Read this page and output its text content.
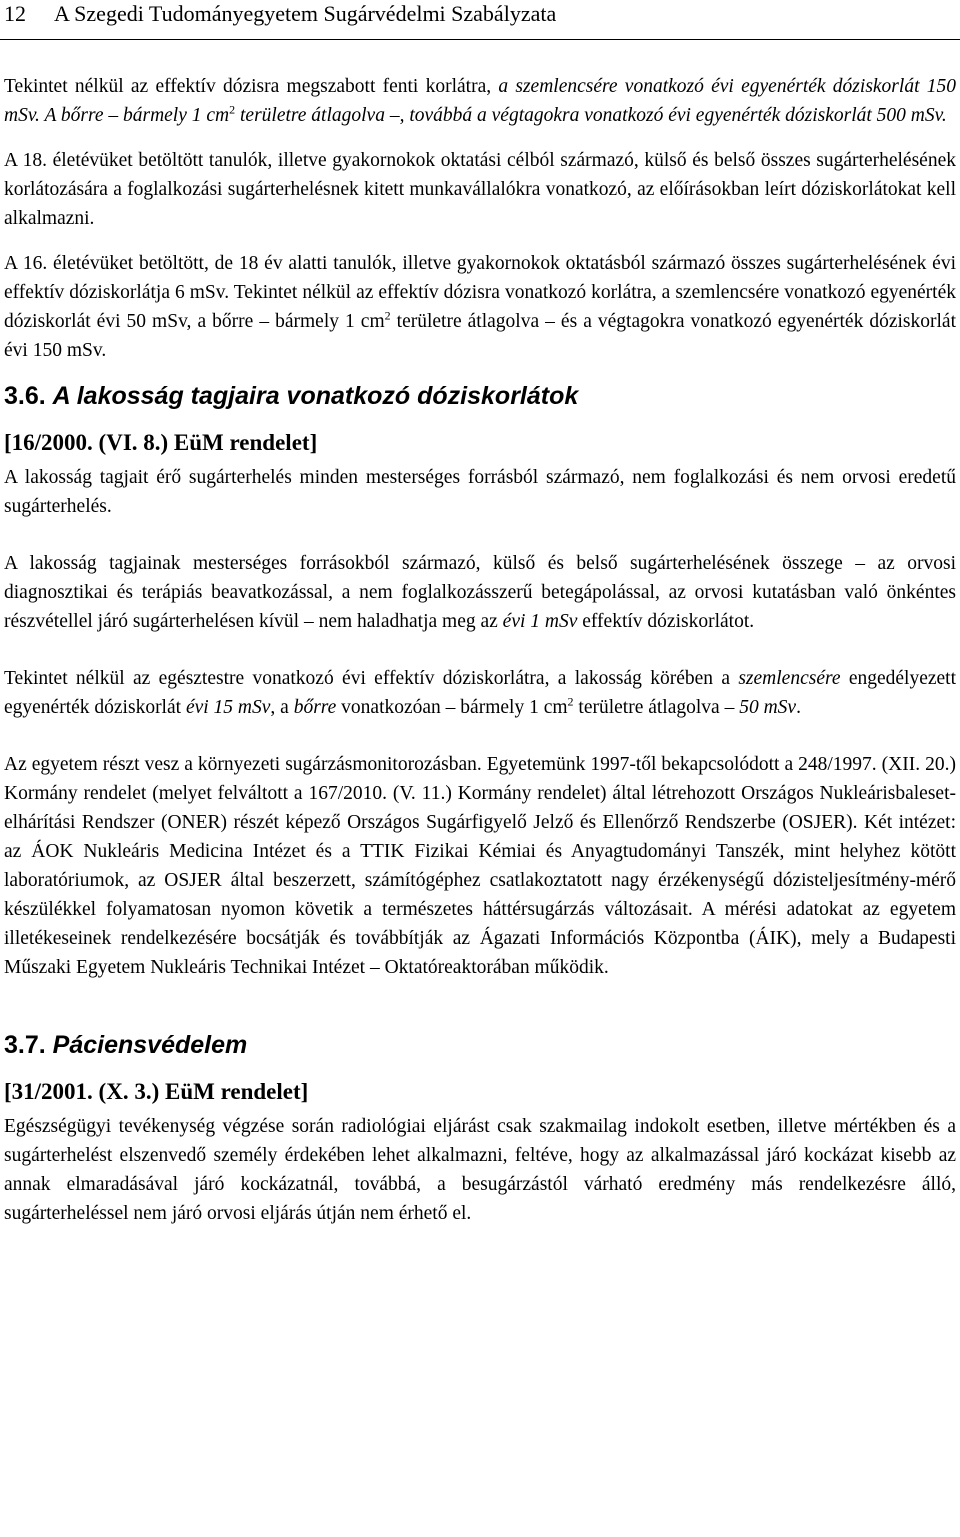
12 A Szegedi Tudományegyetem Sugárvédelmi Szabályzata

Tekintet nélkül az effektív dózisra megszabott fenti korlátra, a szemlencsére vonatkozó évi egyenérték dóziskorlát 150 mSv. A bőrre – bármely 1 $cm^2$ területre átlagolva –, továbbá a végtagokra vonatkozó évi egyenérték dóziskorlát 500 mSv.

A 18. életévüket betöltött tanulók, illetve gyakornokok oktatási célból származó, külső és belső összes sugárterhelésének korlátozására a foglalkozási sugárterhelésnek kitett munkavállalókra vonatkozó, az előírásokban leírt dóziskorlátokat kell alkalmazni.

A 16. életévüket betöltött, de 18 év alatti tanulók, illetve gyakornokok oktatásból származó összes sugárterhelésének évi effektív dóziskorlátja 6 mSv. Tekintet nélkül az effektív dózisra vonatkozó korlátra, a szemlencsére vonatkozó egyenérték dóziskorlát évi 50 mSv, a bőrre – bármely 1 $cm^2$ területre átlagolva – és a végtagokra vonatkozó egyenérték dóziskorlát évi 150 mSv.

3.6. A lakosság tagjaira vonatkozó dóziskorlátok
[16/2000. (VI. 8.) EüM rendelet]

A lakosság tagjait érő sugárterhelés minden mesterséges forrásból származó, nem foglalkozási és nem orvosi eredetű sugárterhelés.

A lakosság tagjainak mesterséges forrásokból származó, külső és belső sugárterhelésének összege – az orvosi diagnosztikai és terápiás beavatkozással, a nem foglalkozásszerű betegápolással, az orvosi kutatásban való önkéntes részvétellel járó sugárterhelésen kívül – nem haladhatja meg az évi 1 mSv effektív dóziskorlátot.

Tekintet nélkül az egésztestre vonatkozó évi effektív dóziskorlátra, a lakosság körében a szemlencsére engedélyezett egyenérték dóziskorlát évi 15 mSv, a bőrre vonatkozóan – bármely 1 $cm^2$ területre átlagolva – 50 mSv.

Az egyetem részt vesz a környezeti sugárzásmonitorozásban. Egyetemünk 1997-től bekapcsolódott a 248/1997. (XII. 20.) Kormány rendelet (melyet felváltott a 167/2010. (V. 11.) Kormány rendelet) által létrehozott Országos Nukleárisbaleset-elhárítási Rendszer (ONER) részét képező Országos Sugárfigyelő Jelző és Ellenőrző Rendszerbe (OSJER). Két intézet: az ÁOK Nukleáris Medicina Intézet és a TTIK Fizikai Kémiai és Anyagtudományi Tanszék, mint helyhez kötött laboratóriumok, az OSJER által beszerzett, számítógéphez csatlakoztatott nagy érzékenységű dózisteljesítmény-mérő készülékkel folyamatosan nyomon követik a természetes háttérsugárzás változásait. A mérési adatokat az egyetem illetékeseinek rendelkezésére bocsátják és továbbítják az Ágazati Információs Központba (ÁIK), mely a Budapesti Műszaki Egyetem Nukleáris Technikai Intézet – Oktatóreaktorában működik.

3.7. Páciensvédelem
[31/2001. (X. 3.) EüM rendelet]

Egészségügyi tevékenység végzése során radiológiai eljárást csak szakmailag indokolt esetben, illetve mértékben és a sugárterhelést elszenvedő személy érdekében lehet alkalmazni, feltéve, hogy az alkalmazással járó kockázat kisebb az annak elmaradásával járó kockázatnál, továbbá, a besugárzástól várható eredmény más rendelkezésre álló, sugárterheléssel nem járó orvosi eljárás útján nem érhető el.
